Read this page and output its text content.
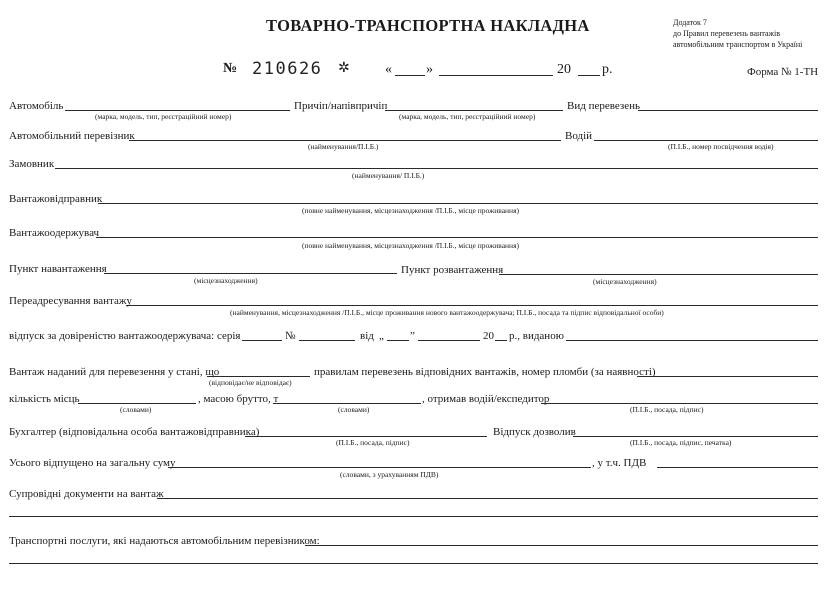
ТОВАРНО-ТРАНСПОРТНА НАКЛАДНА	Додаток 7
до Правил перевезень вантажів
автомобільним транспортом в Україні
№ 210626 ✲	« »	20 р.	Форма № 1-ТН
Автомобіль
(марка, модель, тип, реєстраційний номер)
Причіп/напівпричіп
(марка, модель, тип, реєстраційний номер)
Вид перевезень
Автомобільний перевізник
(найменування/П.І.Б.)
Водій
(П.І.Б., номер посвідчення водія)
Замовник
(найменування/ П.І.Б.)
Вантажовідправник
(повне найменування, місцезнаходження /П.І.Б., місце проживання)
Вантажоодержувач
(повне найменування, місцезнаходження /П.І.Б., місце проживання)
Пункт навантаження
(місцезнаходження)
Пункт розвантаження
(місцезнаходження)
Переадресування вантажу
(найменування, місцезнаходження /П.І.Б., місце проживання нового вантажоодержувача; П.І.Б., посада та підпис відповідальної особи)
відпуск за довіреністю вантажоодержувача: серія	№	від „ ”	20 р., виданою
Вантаж наданий для перевезення у стані, що
(відповідає/не відповідає)
правилам перевезень відповідних вантажів, номер пломби (за наявності)
кількість місць
(словами)
, масою брутто, т
(словами)
, отримав водій/експедитор
(П.І.Б., посада, підпис)
Бухгалтер (відповідальна особа вантажовідправника)
(П.І.Б., посада, підпис)
Відпуск дозволив
(П.І.Б., посада, підпис, печатка)
Усього відпущено на загальну суму
(словами, з урахуванням ПДВ)
, у т.ч. ПДВ
Супровідні документи на вантаж
Транспортні послуги, які надаються автомобільним перевізником:
